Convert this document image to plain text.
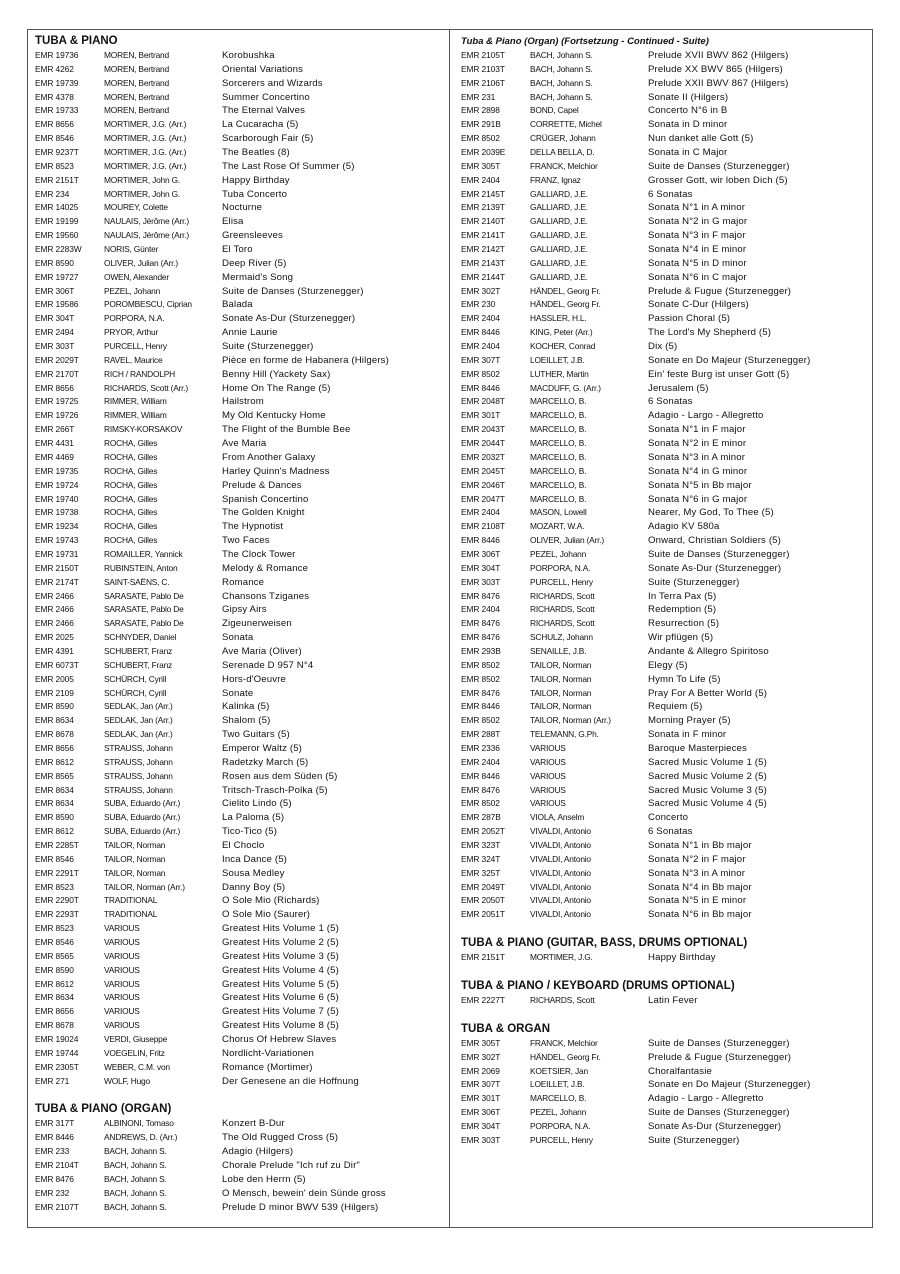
TUBA & PIANO
EMR 19736	MOREN, Bertrand	Korobushka
EMR 4262	MOREN, Bertrand	Oriental Variations
EMR 19739	MOREN, Bertrand	Sorcerers and Wizards
EMR 4378	MOREN, Bertrand	Summer Concertino
EMR 19733	MOREN, Bertrand	The Eternal Valves
EMR 8656	MORTIMER, J.G. (Arr.)	La Cucaracha (5)
EMR 8546	MORTIMER, J.G. (Arr.)	Scarborough Fair (5)
EMR 9237T	MORTIMER, J.G. (Arr.)	The Beatles (8)
EMR 8523	MORTIMER, J.G. (Arr.)	The Last Rose Of Summer (5)
EMR 2151T	MORTIMER, John G.	Happy Birthday
EMR 234	MORTIMER, John G.	Tuba Concerto
EMR 14025	MOUREY, Colette	Nocturne
EMR 19199	NAULAIS, Jérôme (Arr.)	Elisa
EMR 19560	NAULAIS, Jérôme (Arr.)	Greensleeves
EMR 2283W	NORIS, Günter	El Toro
EMR 8590	OLIVER, Julian (Arr.)	Deep River (5)
EMR 19727	OWEN, Alexander	Mermaid's Song
EMR 306T	PEZEL, Johann	Suite de Danses (Sturzenegger)
EMR 19586	POROMBESCU, Ciprian	Balada
EMR 304T	PORPORA, N.A.	Sonate As-Dur (Sturzenegger)
EMR 2494	PRYOR, Arthur	Annie Laurie
EMR 303T	PURCELL, Henry	Suite (Sturzenegger)
EMR 2029T	RAVEL, Maurice	Pièce en forme de Habanera (Hilgers)
EMR 2170T	RICH / RANDOLPH	Benny Hill (Yackety Sax)
EMR 8656	RICHARDS, Scott (Arr.)	Home On The Range (5)
EMR 19725	RIMMER, William	Hailstrom
EMR 19726	RIMMER, William	My Old Kentucky Home
EMR 266T	RIMSKY-KORSAKOV	The Flight of the Bumble Bee
EMR 4431	ROCHA, Gilles	Ave Maria
EMR 4469	ROCHA, Gilles	From Another Galaxy
EMR 19735	ROCHA, Gilles	Harley Quinn's Madness
EMR 19724	ROCHA, Gilles	Prelude & Dances
EMR 19740	ROCHA, Gilles	Spanish Concertino
EMR 19738	ROCHA, Gilles	The Golden Knight
EMR 19234	ROCHA, Gilles	The Hypnotist
EMR 19743	ROCHA, Gilles	Two Faces
EMR 19731	ROMAILLER, Yannick	The Clock Tower
EMR 2150T	RUBINSTEIN, Anton	Melody & Romance
EMR 2174T	SAINT-SAËNS, C.	Romance
EMR 2466	SARASATE, Pablo De	Chansons Tziganes
EMR 2466	SARASATE, Pablo De	Gipsy Airs
EMR 2466	SARASATE, Pablo De	Zigeunerweisen
EMR 2025	SCHNYDER, Daniel	Sonata
EMR 4391	SCHUBERT, Franz	Ave Maria (Oliver)
EMR 6073T	SCHUBERT, Franz	Serenade D 957 N°4
EMR 2005	SCHÜRCH, Cyrill	Hors-d'Oeuvre
EMR 2109	SCHÜRCH, Cyrill	Sonate
EMR 8590	SEDLAK, Jan (Arr.)	Kalinka (5)
EMR 8634	SEDLAK, Jan (Arr.)	Shalom (5)
EMR 8678	SEDLAK, Jan (Arr.)	Two Guitars (5)
EMR 8656	STRAUSS, Johann	Emperor Waltz (5)
EMR 8612	STRAUSS, Johann	Radetzky March (5)
EMR 8565	STRAUSS, Johann	Rosen aus dem Süden (5)
EMR 8634	STRAUSS, Johann	Tritsch-Trasch-Polka (5)
EMR 8634	SUBA, Eduardo (Arr.)	Cielito Lindo (5)
EMR 8590	SUBA, Eduardo (Arr.)	La Paloma (5)
EMR 8612	SUBA, Eduardo (Arr.)	Tico-Tico (5)
EMR 2285T	TAILOR, Norman	El Choclo
EMR 8546	TAILOR, Norman	Inca Dance (5)
EMR 2291T	TAILOR, Norman	Sousa Medley
EMR 8523	TAILOR, Norman (Arr.)	Danny Boy (5)
EMR 2290T	TRADITIONAL	O Sole Mio (Richards)
EMR 2293T	TRADITIONAL	O Sole Mio (Saurer)
EMR 8523	VARIOUS	Greatest Hits Volume 1 (5)
EMR 8546	VARIOUS	Greatest Hits Volume 2 (5)
EMR 8565	VARIOUS	Greatest Hits Volume 3 (5)
EMR 8590	VARIOUS	Greatest Hits Volume 4 (5)
EMR 8612	VARIOUS	Greatest Hits Volume 5 (5)
EMR 8634	VARIOUS	Greatest Hits Volume 6 (5)
EMR 8656	VARIOUS	Greatest Hits Volume 7 (5)
EMR 8678	VARIOUS	Greatest Hits Volume 8 (5)
EMR 19024	VERDI, Giuseppe	Chorus Of Hebrew Slaves
EMR 19744	VOEGELIN, Fritz	Nordlicht-Variationen
EMR 2305T	WEBER, C.M. von	Romance (Mortimer)
EMR 271	WOLF, Hugo	Der Genesene an die Hoffnung
TUBA & PIANO (ORGAN)
EMR 317T	ALBINONI, Tomaso	Konzert B-Dur
EMR 8446	ANDREWS, D. (Arr.)	The Old Rugged Cross (5)
EMR 233	BACH, Johann S.	Adagio (Hilgers)
EMR 2104T	BACH, Johann S.	Chorale Prelude "Ich ruf zu Dir"
EMR 8476	BACH, Johann S.	Lobe den Herrn (5)
EMR 232	BACH, Johann S.	O Mensch, bewein' dein Sünde gross
EMR 2107T	BACH, Johann S.	Prelude D minor BWV 539 (Hilgers)
Tuba & Piano (Organ) (Fortsetzung - Continued - Suite)
EMR 2105T	BACH, Johann S.	Prelude XVII BWV 862 (Hilgers)
EMR 2103T	BACH, Johann S.	Prelude XX BWV 865 (Hilgers)
EMR 2106T	BACH, Johann S.	Prelude XXII BWV 867 (Hilgers)
EMR 231	BACH, Johann S.	Sonate II (Hilgers)
EMR 2898	BOND, Capel	Concerto N°6 in B
EMR 291B	CORRETTE, Michel	Sonata in D minor
EMR 8502	CRÜGER, Johann	Nun danket alle Gott (5)
EMR 2039E	DELLA BELLA, D.	Sonata in C Major
EMR 305T	FRANCK, Melchior	Suite de Danses (Sturzenegger)
EMR 2404	FRANZ, Ignaz	Grosser Gott, wir loben Dich (5)
EMR 2145T	GALLIARD, J.E.	6 Sonatas
EMR 2139T	GALLIARD, J.E.	Sonata N°1 in A minor
EMR 2140T	GALLIARD, J.E.	Sonata N°2 in G major
EMR 2141T	GALLIARD, J.E.	Sonata N°3 in F major
EMR 2142T	GALLIARD, J.E.	Sonata N°4 in E minor
EMR 2143T	GALLIARD, J.E.	Sonata N°5 in D minor
EMR 2144T	GALLIARD, J.E.	Sonata N°6 in C major
EMR 302T	HÄNDEL, Georg Fr.	Prelude & Fugue (Sturzenegger)
EMR 230	HÄNDEL, Georg Fr.	Sonate C-Dur (Hilgers)
EMR 2404	HASSLER, H.L.	Passion Choral (5)
EMR 8446	KING, Peter (Arr.)	The Lord's My Shepherd (5)
EMR 2404	KOCHER, Conrad	Dix (5)
EMR 307T	LOEILLET, J.B.	Sonate en Do Majeur (Sturzenegger)
EMR 8502	LUTHER, Martin	Ein' feste Burg ist unser Gott (5)
EMR 8446	MACDUFF, G. (Arr.)	Jerusalem (5)
EMR 2048T	MARCELLO, B.	6 Sonatas
EMR 301T	MARCELLO, B.	Adagio - Largo - Allegretto
EMR 2043T	MARCELLO, B.	Sonata N°1 in F major
EMR 2044T	MARCELLO, B.	Sonata N°2 in E minor
EMR 2032T	MARCELLO, B.	Sonata N°3 in A minor
EMR 2045T	MARCELLO, B.	Sonata N°4 in G minor
EMR 2046T	MARCELLO, B.	Sonata N°5 in Bb major
EMR 2047T	MARCELLO, B.	Sonata N°6 in G major
EMR 2404	MASON, Lowell	Nearer, My God, To Thee (5)
EMR 2108T	MOZART, W.A.	Adagio KV 580a
EMR 8446	OLIVER, Julian (Arr.)	Onward, Christian Soldiers (5)
EMR 306T	PEZEL, Johann	Suite de Danses (Sturzenegger)
EMR 304T	PORPORA, N.A.	Sonate As-Dur (Sturzenegger)
EMR 303T	PURCELL, Henry	Suite (Sturzenegger)
EMR 8476	RICHARDS, Scott	In Terra Pax (5)
EMR 2404	RICHARDS, Scott	Redemption (5)
EMR 8476	RICHARDS, Scott	Resurrection (5)
EMR 8476	SCHULZ, Johann	Wir pflügen (5)
EMR 293B	SENAILLE, J.B.	Andante & Allegro Spiritoso
EMR 8502	TAILOR, Norman	Elegy (5)
EMR 8502	TAILOR, Norman	Hymn To Life (5)
EMR 8476	TAILOR, Norman	Pray For A Better World (5)
EMR 8446	TAILOR, Norman	Requiem (5)
EMR 8502	TAILOR, Norman (Arr.)	Morning Prayer (5)
EMR 288T	TELEMANN, G.Ph.	Sonata in F minor
EMR 2336	VARIOUS	Baroque Masterpieces
EMR 2404	VARIOUS	Sacred Music Volume 1 (5)
EMR 8446	VARIOUS	Sacred Music Volume 2 (5)
EMR 8476	VARIOUS	Sacred Music Volume 3 (5)
EMR 8502	VARIOUS	Sacred Music Volume 4 (5)
EMR 287B	VIOLA, Anselm	Concerto
EMR 2052T	VIVALDI, Antonio	6 Sonatas
EMR 323T	VIVALDI, Antonio	Sonata N°1 in Bb major
EMR 324T	VIVALDI, Antonio	Sonata N°2 in F major
EMR 325T	VIVALDI, Antonio	Sonata N°3 in A minor
EMR 2049T	VIVALDI, Antonio	Sonata N°4 in Bb major
EMR 2050T	VIVALDI, Antonio	Sonata N°5 in E minor
EMR 2051T	VIVALDI, Antonio	Sonata N°6 in Bb major
TUBA & PIANO (GUITAR, BASS, DRUMS OPTIONAL)
EMR 2151T	MORTIMER, J.G.	Happy Birthday
TUBA & PIANO / KEYBOARD (DRUMS OPTIONAL)
EMR 2227T	RICHARDS, Scott	Latin Fever
TUBA & ORGAN
EMR 305T	FRANCK, Melchior	Suite de Danses (Sturzenegger)
EMR 302T	HÄNDEL, Georg Fr.	Prelude & Fugue (Sturzenegger)
EMR 2069	KOETSIER, Jan	Choralfantasie
EMR 307T	LOEILLET, J.B.	Sonate en Do Majeur (Sturzenegger)
EMR 301T	MARCELLO, B.	Adagio - Largo - Allegretto
EMR 306T	PEZEL, Johann	Suite de Danses (Sturzenegger)
EMR 304T	PORPORA, N.A.	Sonate As-Dur (Sturzenegger)
EMR 303T	PURCELL, Henry	Suite (Sturzenegger)
